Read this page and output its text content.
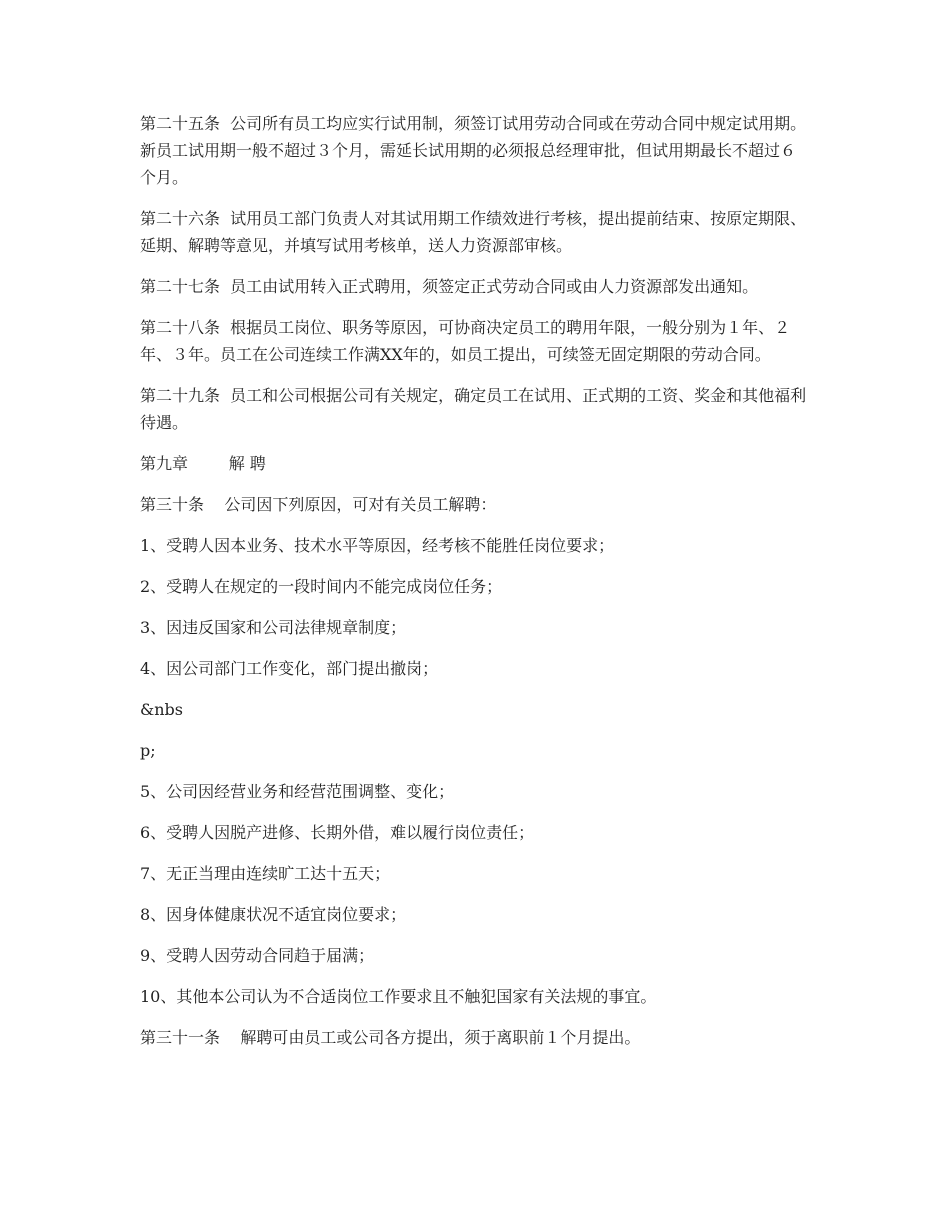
第二十五条  公司所有员工均应实行试用制，须签订试用劳动合同或在劳动合同中规定试用期。新员工试用期一般不超过３个月，需延长试用期的必须报总经理审批，但试用期最长不超过６个月。

第二十六条  试用员工部门负责人对其试用期工作绩效进行考核，提出提前结束、按原定期限、延期、解聘等意见，并填写试用考核单，送人力资源部审核。

第二十七条  员工由试用转入正式聘用，须签定正式劳动合同或由人力资源部发出通知。

第二十八条  根据员工岗位、职务等原因，可协商决定员工的聘用年限，一般分别为１年、２年、３年。员工在公司连续工作满XX年的，如员工提出，可续签无固定期限的劳动合同。

第二十九条  员工和公司根据公司有关规定，确定员工在试用、正式期的工资、奖金和其他福利待遇。

第九章        解 聘

第三十条    公司因下列原因，可对有关员工解聘：

1、受聘人因本业务、技术水平等原因，经考核不能胜任岗位要求；

2、受聘人在规定的一段时间内不能完成岗位任务；

3、因违反国家和公司法律规章制度；

4、因公司部门工作变化，部门提出撤岗；

&nbs

p;

5、公司因经营业务和经营范围调整、变化；

6、受聘人因脱产进修、长期外借，难以履行岗位责任；

7、无正当理由连续旷工达十五天；

8、因身体健康状况不适宜岗位要求；

9、受聘人因劳动合同趋于届满；

10、其他本公司认为不合适岗位工作要求且不触犯国家有关法规的事宜。

第三十一条    解聘可由员工或公司各方提出，须于离职前１个月提出。
